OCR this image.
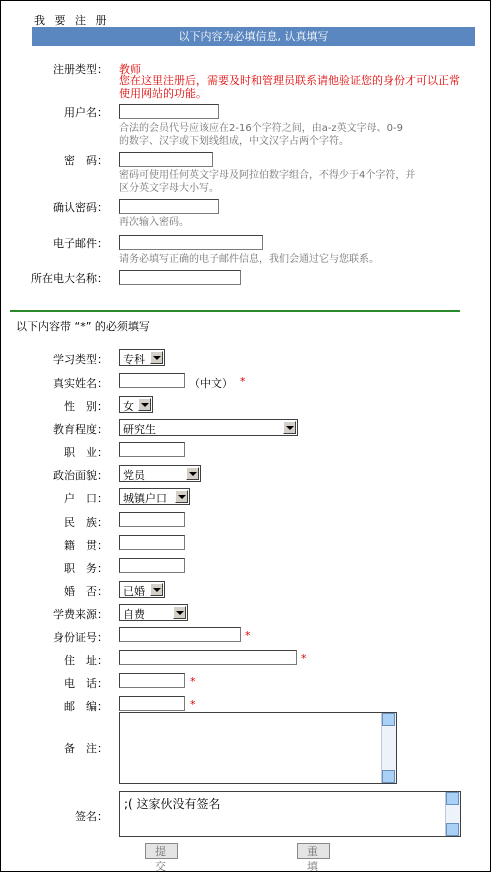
我 要 注 册
以下内容为必填信息, 认真填写
注册类型： 教师
您在这里注册后，需要及时和管理员联系请他验证您的身份才可以正常使用网站的功能。
用户名：
合法的会员代号应该应在2-16个字符之间，由a-z英文字母、0-9的数字、汉字或下划线组成，中文汉字占两个字符。
密　码：
密码可使用任何英文字母及阿拉伯数字组合，不得少于4个字符，并区分英文字母大小写。
确认密码：
再次输入密码。
电子邮件：
请务必填写正确的电子邮件信息，我们会通过它与您联系。
所在电大名称：
以下内容带 “*” 的必须填写
学习类型： 专科
真实姓名：	（中文） *
性　别： 女
教育程度： 研究生
职　业：
政治面貌： 党员
户　口： 城镇户口
民　族：
籍　贯：
职　务：
婚　否： 已婚
学费来源： 自费
身份证号：	*
住　址：	*
电　话：	*
邮　编：	*
备　注：
签名：
;( 这家伙没有签名
提 交
重 填
